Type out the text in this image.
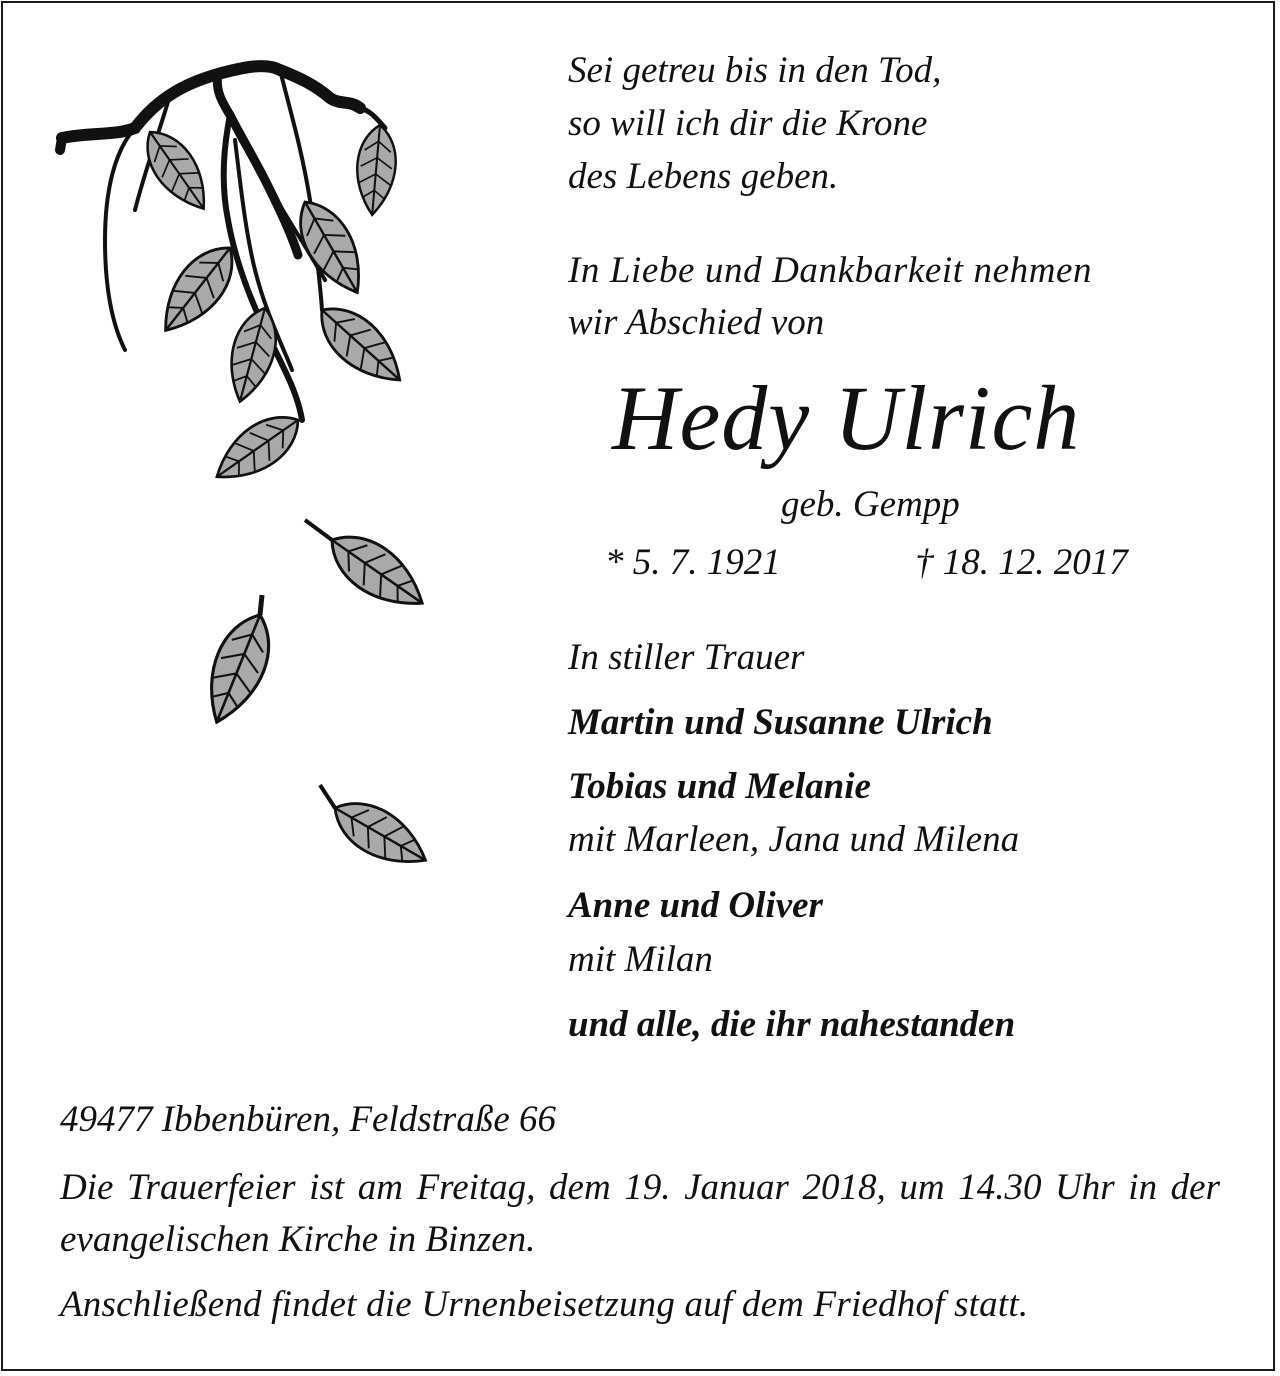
Sei getreu bis in den Tod,
so will ich dir die Krone
des Lebens geben.
In Liebe und Dankbarkeit nehmen
wir Abschied von
Hedy Ulrich
geb. Gempp
* 5. 7. 1921	† 18. 12. 2017
In stiller Trauer
Martin und Susanne Ulrich
Tobias und Melanie
mit Marleen, Jana und Milena
Anne und Oliver
mit Milan
und alle, die ihr nahestanden
49477 Ibbenbüren, Feldstraße 66
Die Trauerfeier ist am Freitag, dem 19. Januar 2018, um 14.30 Uhr in der evangelischen Kirche in Binzen.
Anschließend findet die Urnenbeisetzung auf dem Friedhof statt.
